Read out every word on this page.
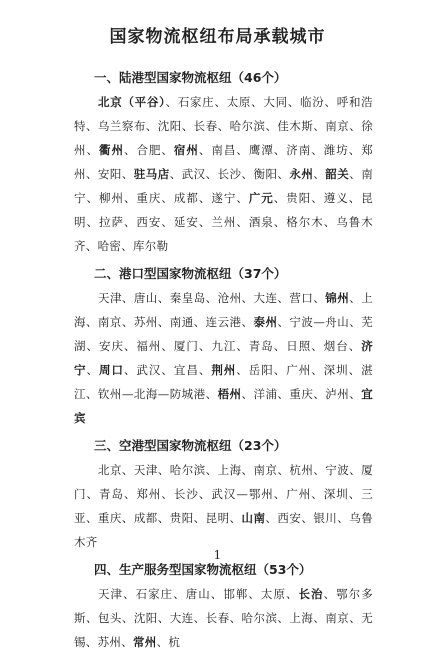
国家物流枢纽布局承载城市
一、陆港型国家物流枢纽（46个）
北京（平谷）、石家庄、太原、大同、临汾、呼和浩特、乌兰察布、沈阳、长春、哈尔滨、佳木斯、南京、徐州、衢州、合肥、宿州、南昌、鹰潭、济南、潍坊、郑州、安阳、驻马店、武汉、长沙、衡阳、永州、韶关、南宁、柳州、重庆、成都、遂宁、广元、贵阳、遵义、昆明、拉萨、西安、延安、兰州、酒泉、格尔木、乌鲁木齐、哈密、库尔勒
二、港口型国家物流枢纽（37个）
天津、唐山、秦皇岛、沧州、大连、营口、锦州、上海、南京、苏州、南通、连云港、泰州、宁波—舟山、芜湖、安庆、福州、厦门、九江、青岛、日照、烟台、济宁、周口、武汉、宜昌、荆州、岳阳、广州、深圳、湛江、钦州—北海—防城港、梧州、洋浦、重庆、泸州、宜宾
三、空港型国家物流枢纽（23个）
北京、天津、哈尔滨、上海、南京、杭州、宁波、厦门、青岛、郑州、长沙、武汉—鄂州、广州、深圳、三亚、重庆、成都、贵阳、昆明、山南、西安、银川、乌鲁木齐
四、生产服务型国家物流枢纽（53个）
天津、石家庄、唐山、邯郸、太原、长治、鄂尔多斯、包头、沈阳、大连、长春、哈尔滨、上海、南京、无锡、苏州、常州、杭
1
